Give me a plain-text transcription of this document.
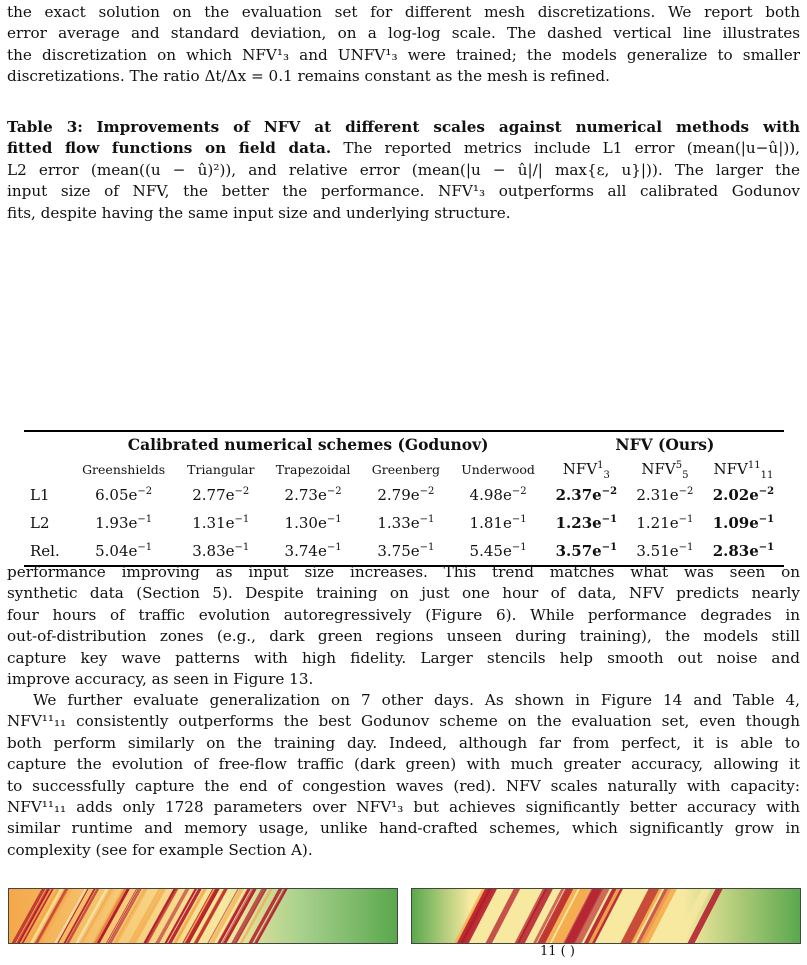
the exact solution on the evaluation set for different mesh discretizations. We report both
error average and standard deviation, on a log-log scale. The dashed vertical line illustrates
the discretization on which NFV¹₃ and UNFV¹₃ were trained; the models generalize to smaller
discretizations. The ratio Δt/Δx = 0.1 remains constant as the mesh is refined.
Table 3: Improvements of NFV at different scales against numerical methods with
fitted flow functions on field data. The reported metrics include L1 error (mean(|u−û|)),
L2 error (mean((u − û)²)), and relative error (mean(|u − û|/| max{ε, u}|)). The larger the
input size of NFV, the better the performance. NFV¹₃ outperforms all calibrated Godunov
fits, despite having the same input size and underlying structure.
	Calibrated numerical schemes (Godunov)					NFV (Ours)		
	Greenshields	Triangular	Trapezoidal	Greenberg	Underwood	$NFV^1_3$	$NFV^5_5$	$NFV^{11}_{11}$
L1	$6.05e^{-2}$	$2.77e^{-2}$	$2.73e^{-2}$	$2.79e^{-2}$	$4.98e^{-2}$	$2.37e^{-2}$	$2.31e^{-2}$	$2.02e^{-2}$
L2	$1.93e^{-1}$	$1.31e^{-1}$	$1.30e^{-1}$	$1.33e^{-1}$	$1.81e^{-1}$	$1.23e^{-1}$	$1.21e^{-1}$	$1.09e^{-1}$
Rel.	$5.04e^{-1}$	$3.83e^{-1}$	$3.74e^{-1}$	$3.75e^{-1}$	$5.45e^{-1}$	$3.57e^{-1}$	$3.51e^{-1}$	$2.83e^{-1}$
performance improving as input size increases. This trend matches what was seen on
synthetic data (Section 5). Despite training on just one hour of data, NFV predicts nearly
four hours of traffic evolution autoregressively (Figure 6). While performance degrades in
out-of-distribution zones (e.g., dark green regions unseen during training), the models still
capture key wave patterns with high fidelity. Larger stencils help smooth out noise and
improve accuracy, as seen in Figure 13.
We further evaluate generalization on 7 other days. As shown in Figure 14 and Table 4,
NFV¹¹₁₁ consistently outperforms the best Godunov scheme on the evaluation set, even though
both perform similarly on the training day. Indeed, although far from perfect, it is able to
capture the evolution of free-flow traffic (dark green) with much greater accuracy, allowing it
to successfully capture the end of congestion waves (red). NFV scales naturally with capacity:
NFV¹¹₁₁ adds only 1728 parameters over NFV¹₃ but achieves significantly better accuracy with
similar runtime and memory usage, unlike hand-crafted schemes, which significantly grow in
complexity (see for example Section A).
11 ( )
